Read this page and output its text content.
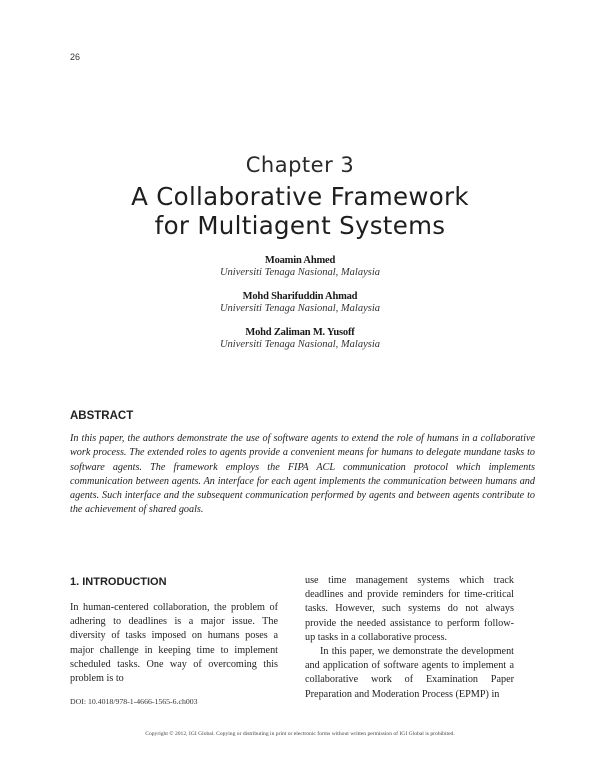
26
Chapter 3
A Collaborative Framework
for Multiagent Systems
Moamin Ahmed
Universiti Tenaga Nasional, Malaysia
Mohd Sharifuddin Ahmad
Universiti Tenaga Nasional, Malaysia
Mohd Zaliman M. Yusoff
Universiti Tenaga Nasional, Malaysia
ABSTRACT
In this paper, the authors demonstrate the use of software agents to extend the role of humans in a collaborative work process. The extended roles to agents provide a convenient means for humans to delegate mundane tasks to software agents. The framework employs the FIPA ACL communication protocol which implements communication between agents. An interface for each agent implements the communication between humans and agents. Such interface and the subsequent communication performed by agents and between agents contribute to the achievement of shared goals.
1. INTRODUCTION

In human-centered collaboration, the problem of adhering to deadlines is a major issue. The diversity of tasks imposed on humans poses a major challenge in keeping time to implement scheduled tasks. One way of overcoming this problem is to

use time management systems which track deadlines and provide reminders for time-critical tasks. However, such systems do not always provide the needed assistance to perform follow-up tasks in a collaborative process.

In this paper, we demonstrate the development and application of software agents to implement a collaborative work of Examination Paper Preparation and Moderation Process (EPMP) in

DOI: 10.4018/978-1-4666-1565-6.ch003
Copyright © 2012, IGI Global. Copying or distributing in print or electronic forms without written permission of IGI Global is prohibited.
